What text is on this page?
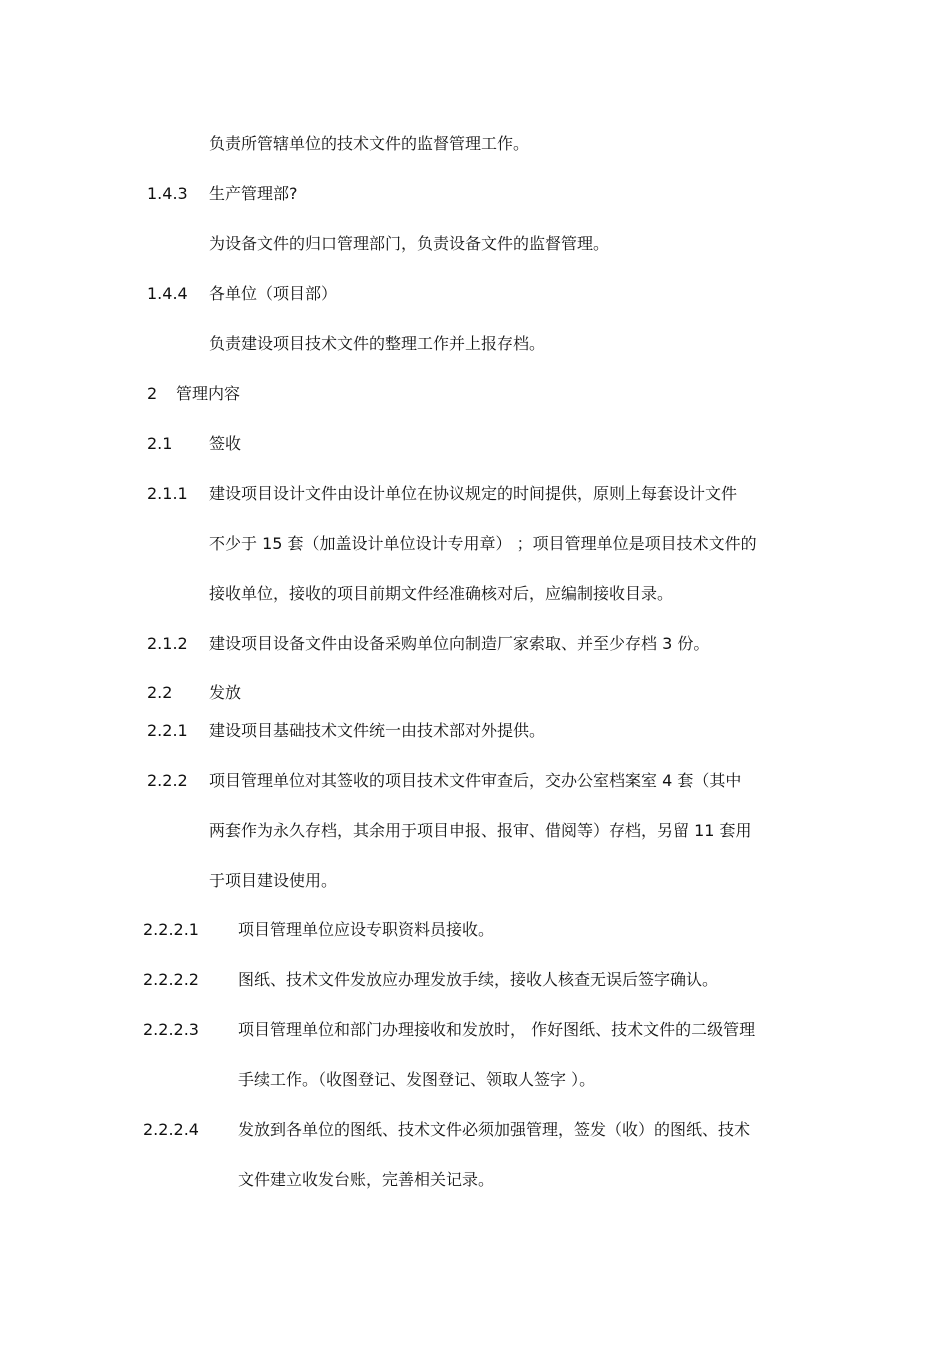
负责所管辖单位的技术文件的监督管理工作。
1.4.3 生产管理部?
为设备文件的归口管理部门，负责设备文件的监督管理。
1.4.4 各单位（项目部）
负责建设项目技术文件的整理工作并上报存档。
2 管理内容
2.1 签收
2.1.1 建设项目设计文件由设计单位在协议规定的时间提供，原则上每套设计文件
不少于 15 套（加盖设计单位设计专用章） ；项目管理单位是项目技术文件的
接收单位，接收的项目前期文件经准确核对后，应编制接收目录。
2.1.2 建设项目设备文件由设备采购单位向制造厂家索取、并至少存档 3 份。
2.2 发放
2.2.1 建设项目基础技术文件统一由技术部对外提供。
2.2.2 项目管理单位对其签收的项目技术文件审查后，交办公室档案室 4 套（其中
两套作为永久存档，其余用于项目申报、报审、借阅等）存档，另留 11 套用
于项目建设使用。
2.2.2.1 项目管理单位应设专职资料员接收。
2.2.2.2 图纸、技术文件发放应办理发放手续，接收人核查无误后签字确认。
2.2.2.3 项目管理单位和部门办理接收和发放时， 作好图纸、技术文件的二级管理
手续工作。（收图登记、发图登记、领取人签字 ）。
2.2.2.4 发放到各单位的图纸、技术文件必须加强管理，签发（收）的图纸、技术
文件建立收发台账，完善相关记录。
